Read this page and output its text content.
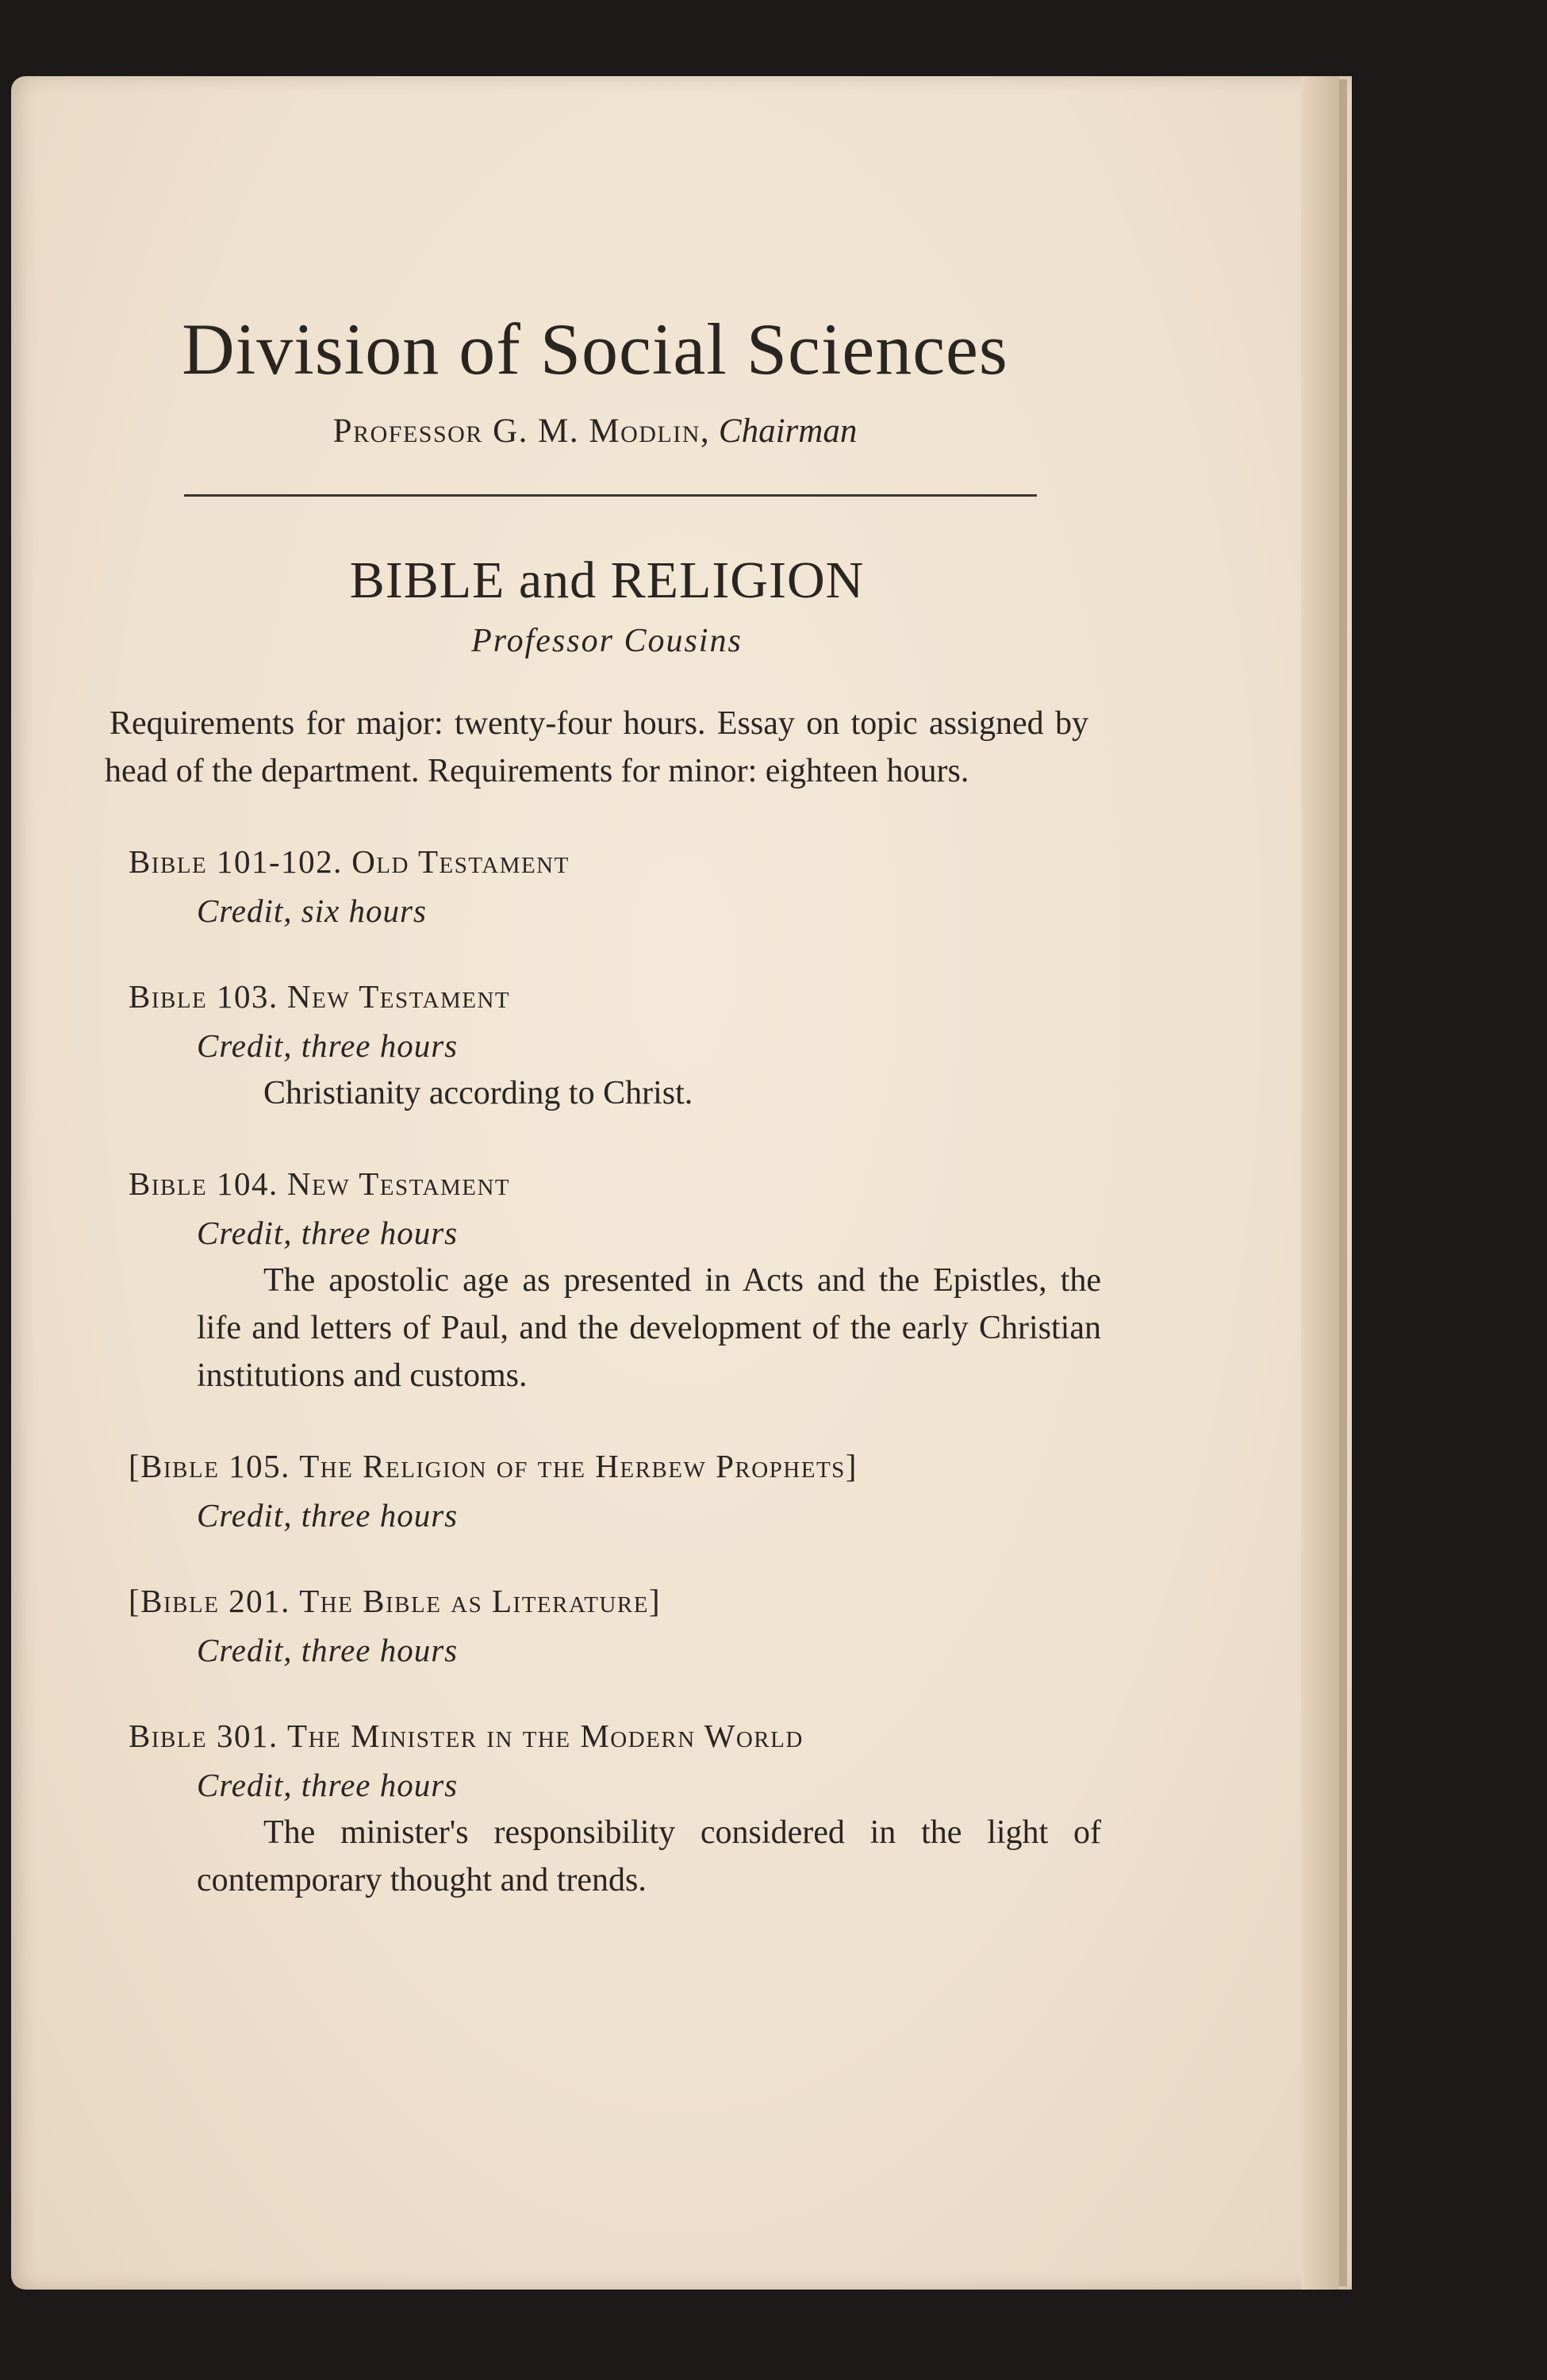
Division of Social Sciences
Professor G. M. Modlin, Chairman
BIBLE and RELIGION
Professor Cousins

Requirements for major: twenty-four hours. Essay on topic assigned by head of the department. Requirements for minor: eighteen hours.

Bible 101-102. Old Testament
Credit, six hours
Bible 103. New Testament
Credit, three hours

Christianity according to Christ.

Bible 104. New Testament
Credit, three hours

The apostolic age as presented in Acts and the Epistles, the life and letters of Paul, and the development of the early Christian institutions and customs.

[Bible 105. The Religion of the Herbew Prophets]
Credit, three hours
[Bible 201. The Bible as Literature]
Credit, three hours
Bible 301. The Minister in the Modern World
Credit, three hours

The minister's responsibility considered in the light of contemporary thought and trends.
